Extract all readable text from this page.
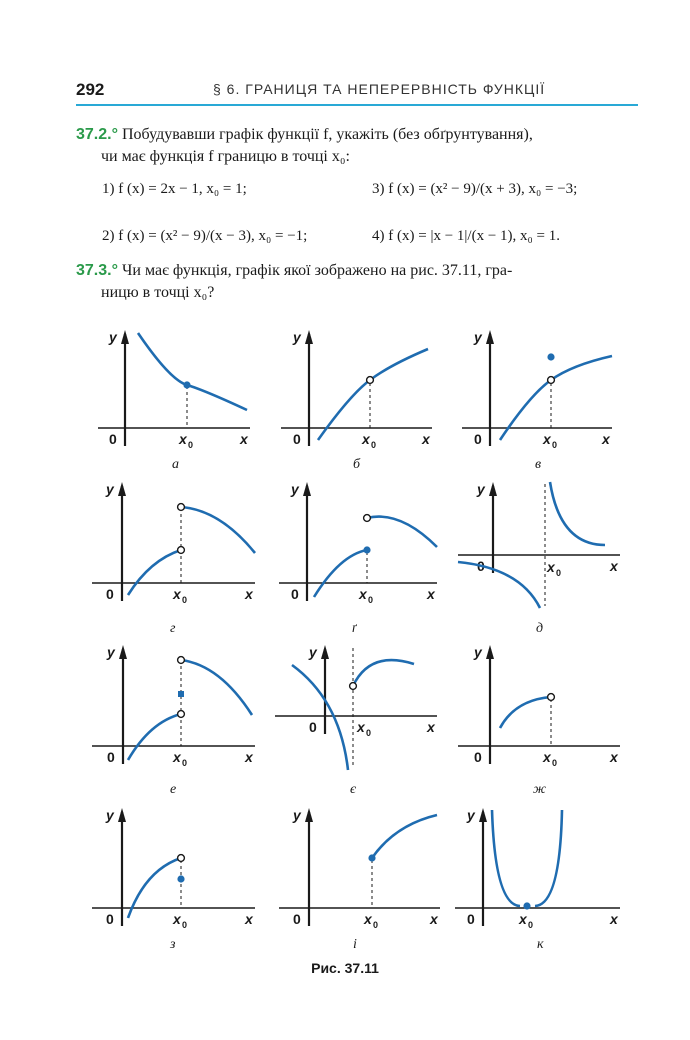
292	§ 6. ГРАНИЦЯ ТА НЕПЕРЕРВНІСТЬ ФУНКЦІЇ
37.2.° Побудувавши графік функції f, укажіть (без обґрунтування),
чи має функція f границю в точці x₀:
1) f (x) = 2x − 1, x₀ = 1;
2) f (x) = (x² − 9)/(x − 3), x₀ = −1;
3) f (x) = (x² − 9)/(x + 3), x₀ = −3;
4) f (x) = |x − 1|/(x − 1), x₀ = 1.
37.3.° Чи має функція, графік якої зображено на рис. 37.11, гра-
ницю в точці x₀?
y
x
0	x 0
а
y
x
0	x 0
б
y
x
0	x 0
в
y
x
0	x 0
г
y
x
0	x 0
ґ
y
x
0	x 0
д
y
x
0	x 0
е
y
x
0	x 0
є
y
x
0	x 0
ж
y
x
0	x 0
з
y
x
0	x 0
і
y
x
0	x 0
к
Рис. 37.11
